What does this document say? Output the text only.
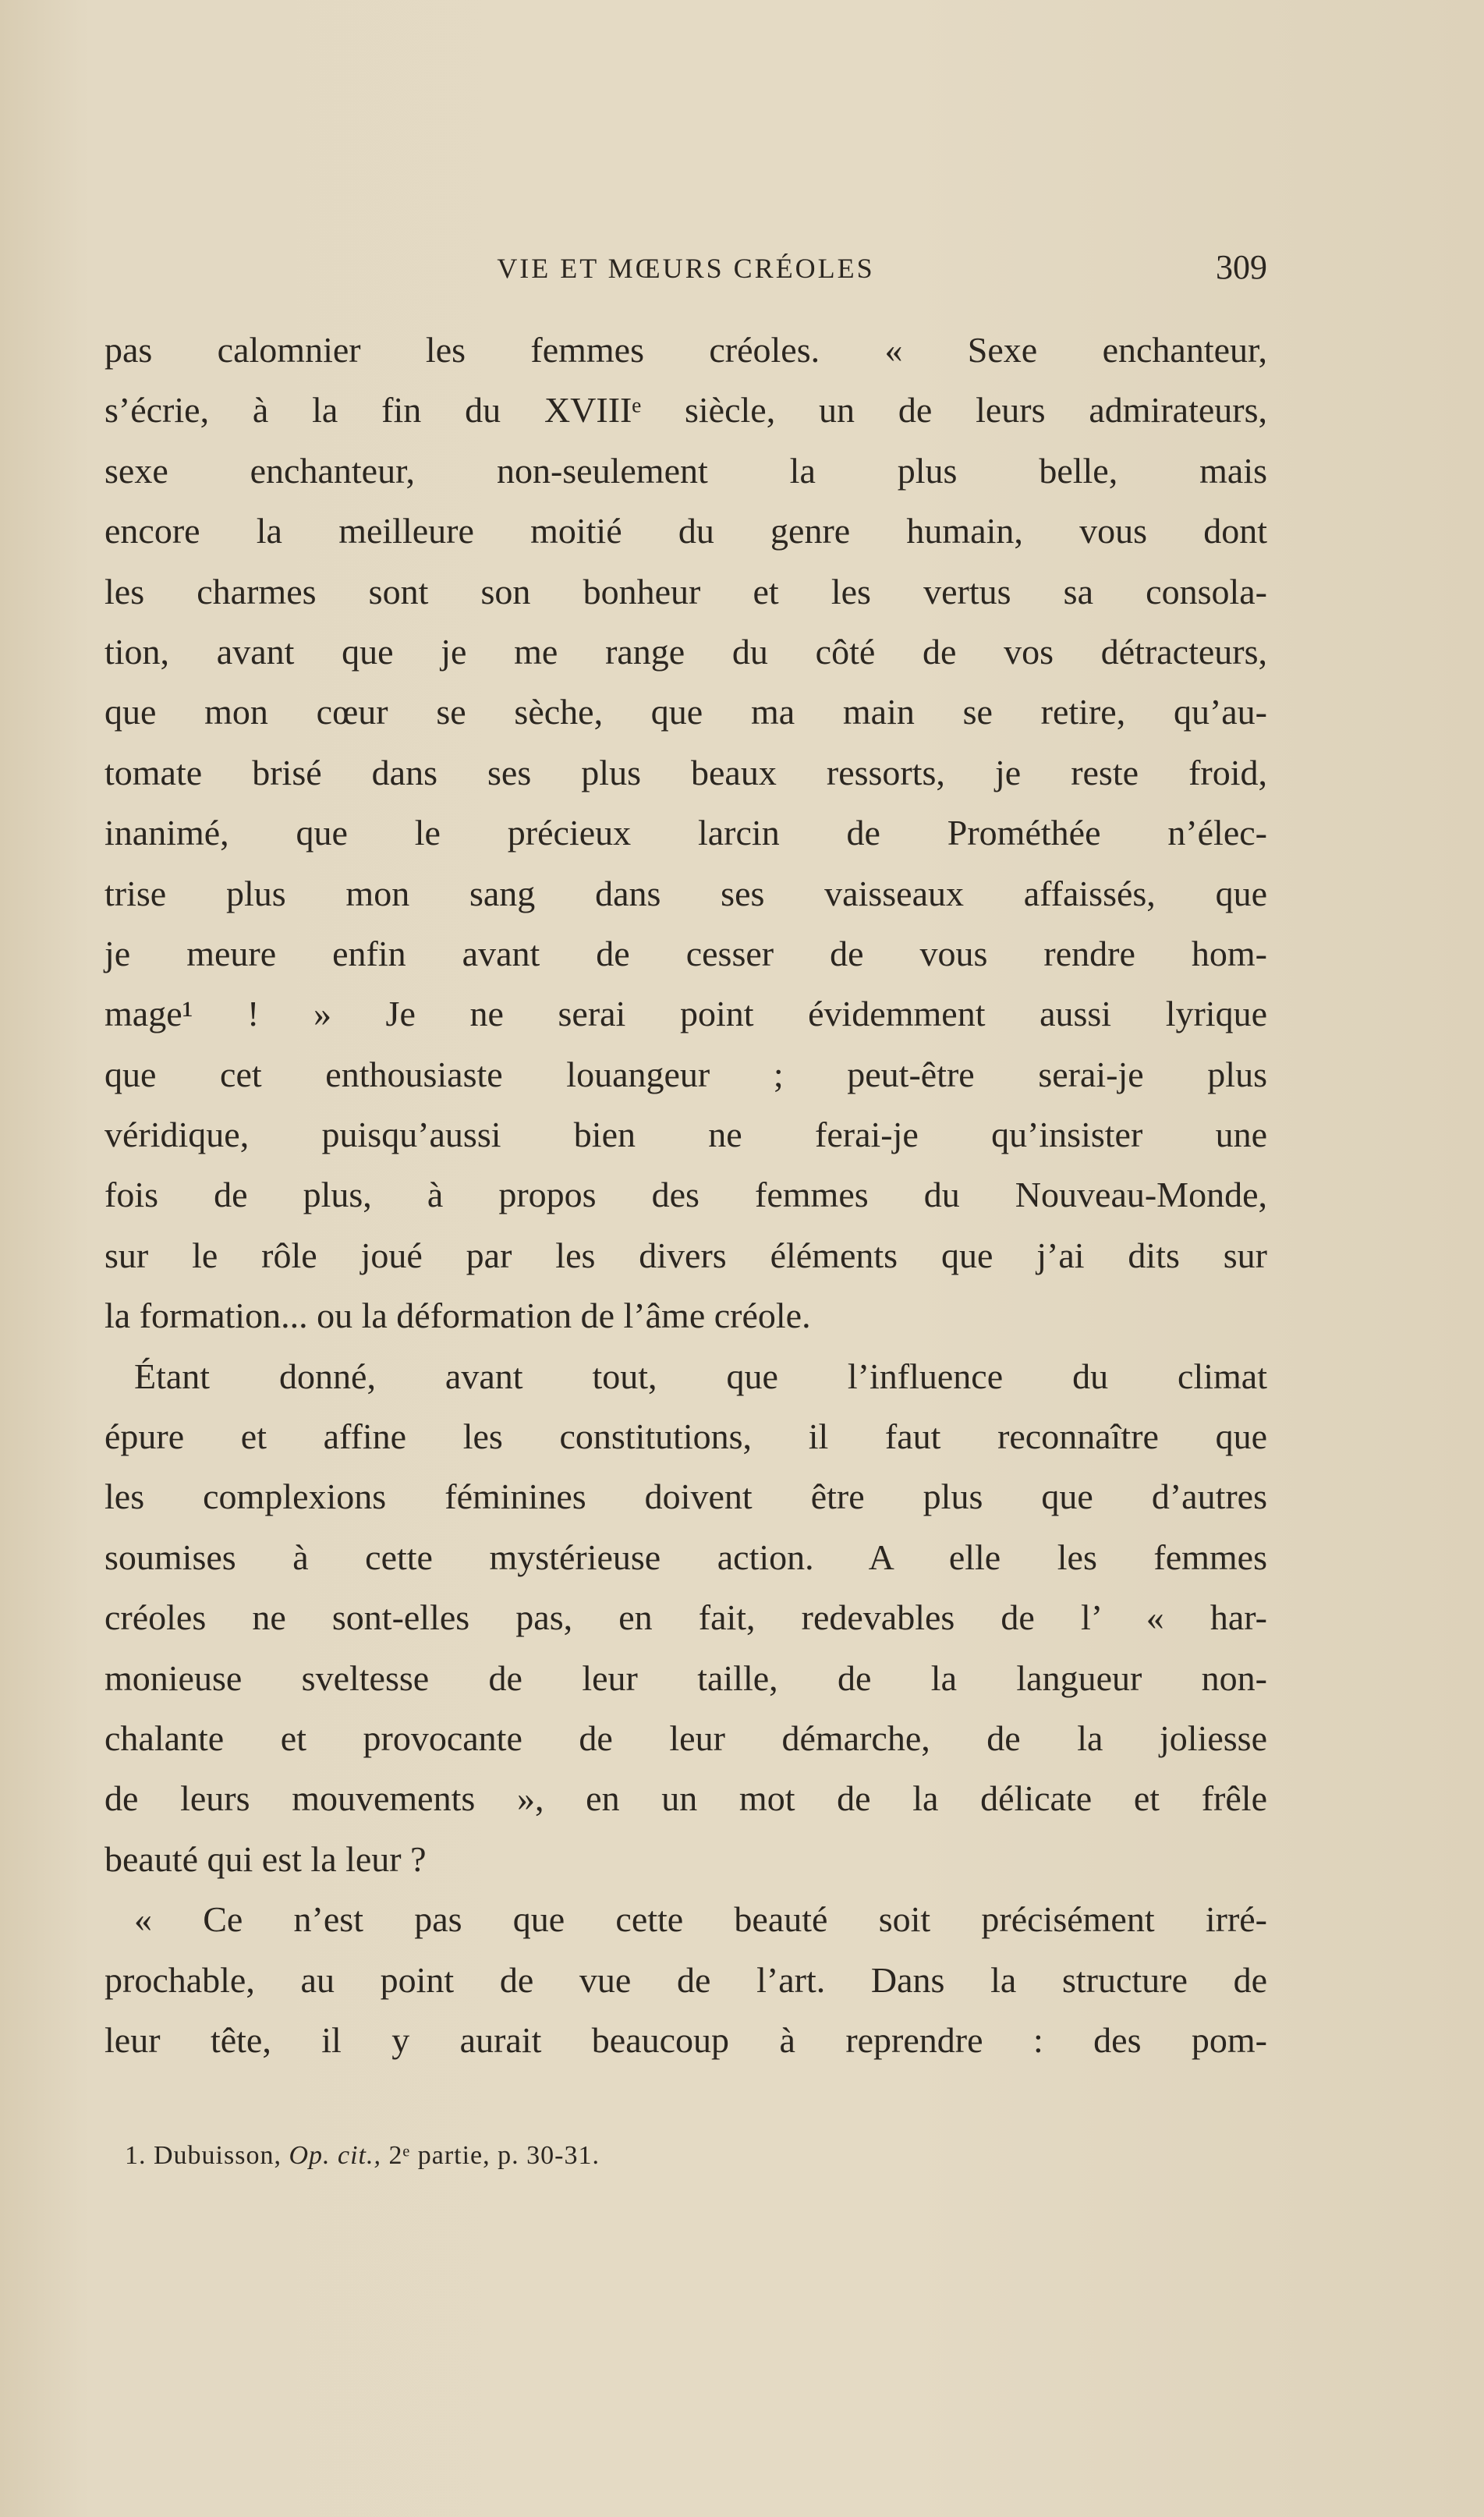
VIE ET MŒURS CRÉOLES	309
pas calomnier les femmes créoles. « Sexe enchanteur,
s’écrie, à la fin du XVIIIᵉ siècle, un de leurs admirateurs,
sexe enchanteur, non-seulement la plus belle, mais
encore la meilleure moitié du genre humain, vous dont
les charmes sont son bonheur et les vertus sa consola-
tion, avant que je me range du côté de vos détracteurs,
que mon cœur se sèche, que ma main se retire, qu’au-
tomate brisé dans ses plus beaux ressorts, je reste froid,
inanimé, que le précieux larcin de Prométhée n’élec-
trise plus mon sang dans ses vaisseaux affaissés, que
je meure enfin avant de cesser de vous rendre hom-
mage¹ ! » Je ne serai point évidemment aussi lyrique
que cet enthousiaste louangeur ; peut-être serai-je plus
véridique, puisqu’aussi bien ne ferai-je qu’insister une
fois de plus, à propos des femmes du Nouveau-Monde,
sur le rôle joué par les divers éléments que j’ai dits sur
la formation... ou la déformation de l’âme créole.
Étant donné, avant tout, que l’influence du climat
épure et affine les constitutions, il faut reconnaître que
les complexions féminines doivent être plus que d’autres
soumises à cette mystérieuse action. A elle les femmes
créoles ne sont-elles pas, en fait, redevables de l’ « har-
monieuse sveltesse de leur taille, de la langueur non-
chalante et provocante de leur démarche, de la joliesse
de leurs mouvements », en un mot de la délicate et frêle
beauté qui est la leur ?
« Ce n’est pas que cette beauté soit précisément irré-
prochable, au point de vue de l’art. Dans la structure de
leur tête, il y aurait beaucoup à reprendre : des pom-
1. Dubuisson, Op. cit., 2ᵉ partie, p. 30-31.
